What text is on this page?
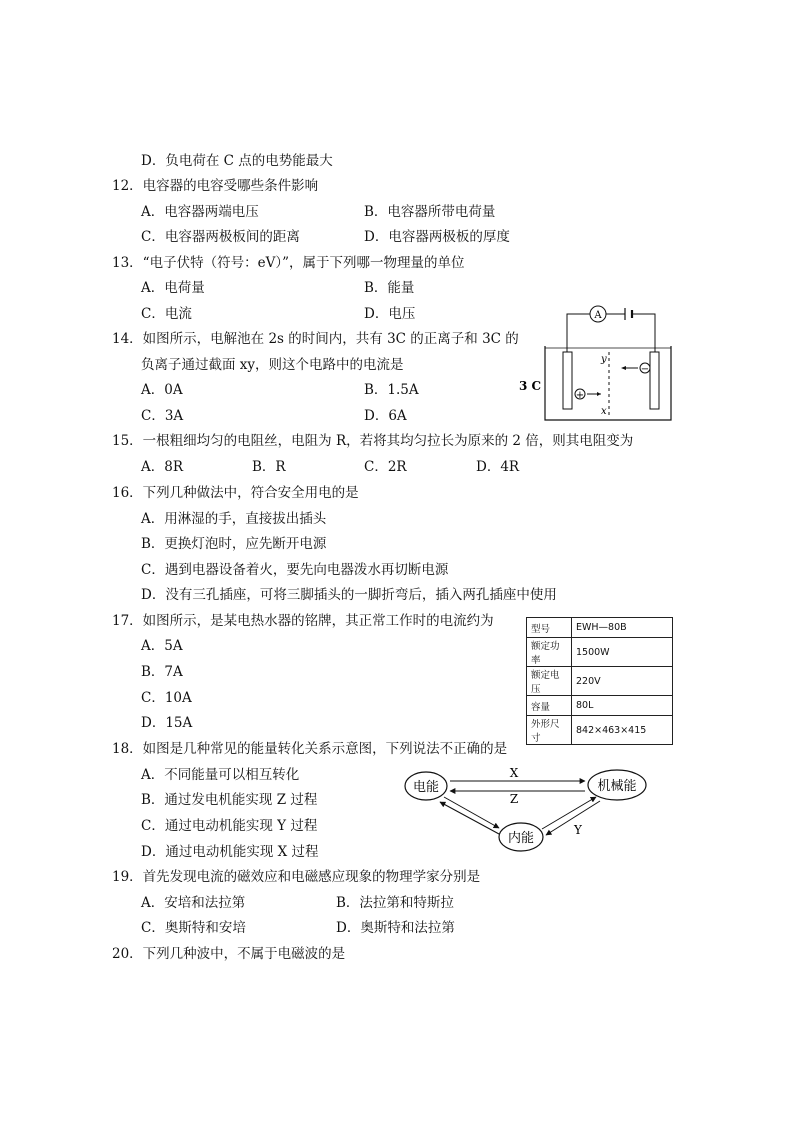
D．负电荷在 C 点的电势能最大
12．电容器的电容受哪些条件影响
A．电容器两端电压	B．电容器所带电荷量
C．电容器两极板间的距离	D．电容器两极板的厚度
13．“电子伏特（符号：eV）”，属于下列哪一物理量的单位
A．电荷量	B．能量
C．电流	D．电压
14．如图所示，电解池在 2s 的时间内，共有 3C 的正离子和 3C 的
负离子通过截面 xy，则这个电路中的电流是
A．0A	B．1.5A
C．3A	D．6A
15．一根粗细均匀的电阻丝，电阻为 R，若将其均匀拉长为原来的 2 倍，则其电阻变为
A．8R	B．R	C．2R	D．4R
16．下列几种做法中，符合安全用电的是
A．用淋湿的手，直接拔出插头
B．更换灯泡时，应先断开电源
C．遇到电器设备着火，要先向电器泼水再切断电源
D．没有三孔插座，可将三脚插头的一脚折弯后，插入两孔插座中使用
17．如图所示，是某电热水器的铭牌，其正常工作时的电流约为
A．5A
B．7A
C．10A
D．15A
18．如图是几种常见的能量转化关系示意图，下列说法不正确的是
A．不同能量可以相互转化
B．通过发电机能实现 Z 过程
C．通过电动机能实现 Y 过程
D．通过电动机能实现 X 过程
19．首先发现电流的磁效应和电磁感应现象的物理学家分别是
A．安培和法拉第	B．法拉第和特斯拉
C．奥斯特和安培	D．奥斯特和法拉第
20．下列几种波中，不属于电磁波的是
A
y
x
+
−
3 C
型号	EWH—80B
额定功率	1500W
额定电压	220V
容量	80L
外形尺寸	842×463×415
电能	机械能
内能
X
Z
Y
